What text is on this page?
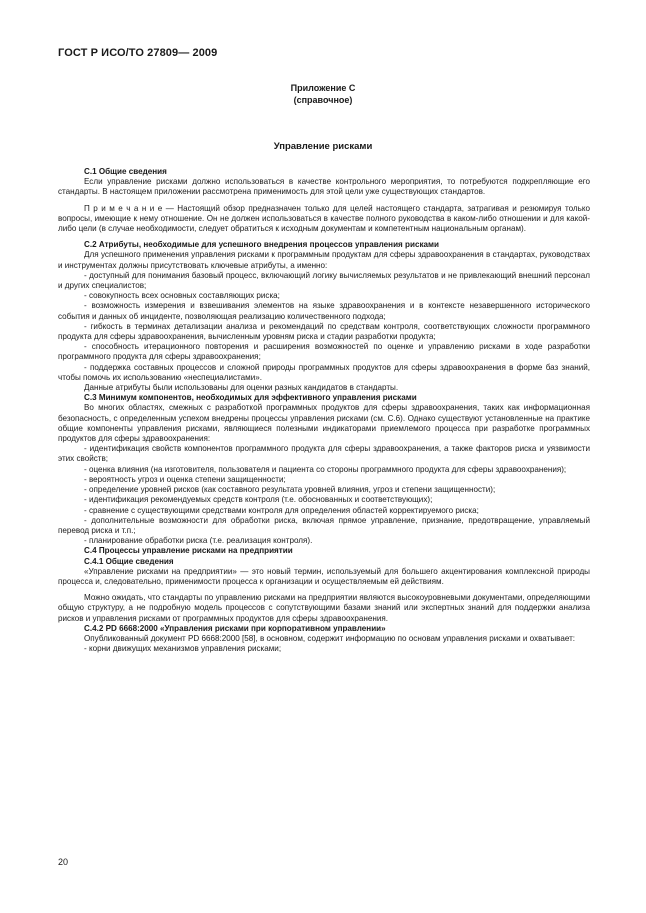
ГОСТ Р ИСО/ТО 27809— 2009
Приложение С
(справочное)
Управление рисками

С.1 Общие сведения

Если управление рисками должно использоваться в качестве контрольного мероприятия, то потребуются подкрепляющие его стандарты. В настоящем приложении рассмотрена применимость для этой цели уже существующих стандартов.

П р и м е ч а н и е — Настоящий обзор предназначен только для целей настоящего стандарта, затрагивая и резюмируя только вопросы, имеющие к нему отношение. Он не должен использоваться в качестве полного руководства в каком-либо отношении и для какой-либо цели (в случае необходимости, следует обратиться к исходным документам и компетентным национальным органам).

С.2 Атрибуты, необходимые для успешного внедрения процессов управления рисками

Для успешного применения управления рисками к программным продуктам для сферы здравоохранения в стандартах, руководствах и инструментах должны присутствовать ключевые атрибуты, а именно:

- доступный для понимания базовый процесс, включающий логику вычисляемых результатов и не привлекающий внешний персонал и других специалистов;

- совокупность всех основных составляющих риска;

- возможность измерения и взвешивания элементов на языке здравоохранения и в контексте незавершенного исторического события и данных об инциденте, позволяющая реализацию количественного подхода;

- гибкость в терминах детализации анализа и рекомендаций по средствам контроля, соответствующих сложности программного продукта для сферы здравоохранения, вычисленным уровням риска и стадии разработки продукта;

- способность итерационного повторения и расширения возможностей по оценке и управлению рисками в ходе разработки программного продукта для сферы здравоохранения;

- поддержка составных процессов и сложной природы программных продуктов для сферы здравоохранения в форме баз знаний, чтобы помочь их использованию «неспециалистами».

Данные атрибуты были использованы для оценки разных кандидатов в стандарты.

С.3 Минимум компонентов, необходимых для эффективного управления рисками

Во многих областях, смежных с разработкой программных продуктов для сферы здравоохранения, таких как информационная безопасность, с определенным успехом внедрены процессы управления рисками (см. С.6). Однако существуют установленные на практике общие компоненты управления рисками, являющиеся полезными индикаторами приемлемого процесса при разработке программных продуктов для сферы здравоохранения:

- идентификация свойств компонентов программного продукта для сферы здравоохранения, а также факторов риска и уязвимости этих свойств;

- оценка влияния (на изготовителя, пользователя и пациента со стороны программного продукта для сферы здравоохранения);

- вероятность угроз и оценка степени защищенности;

- определение уровней рисков (как составного результата уровней влияния, угроз и степени защищенности);

- идентификация рекомендуемых средств контроля (т.е. обоснованных и соответствующих);

- сравнение с существующими средствами контроля для определения областей корректируемого риска;

- дополнительные возможности для обработки риска, включая прямое управление, признание, предотвращение, управляемый перевод риска и т.п.;

- планирование обработки риска (т.е. реализация контроля).

С.4 Процессы управление рисками на предприятии

С.4.1 Общие сведения

«Управление рисками на предприятии» — это новый термин, используемый для большего акцентирования комплексной природы процесса и, следовательно, применимости процесса к организации и осуществляемым ей действиям.

Можно ожидать, что стандарты по управлению рисками на предприятии являются высокоуровневыми документами, определяющими общую структуру, а не подробную модель процессов с сопутствующими базами знаний или экспертных знаний для поддержки анализа рисков и управления рисками от программных продуктов для сферы здравоохранения.

С.4.2 PD 6668:2000 «Управления рисками при корпоративном управлении»

Опубликованный документ PD 6668:2000 [58], в основном, содержит информацию по основам управления рисками и охватывает:

- корни движущих механизмов управления рисками;

20
